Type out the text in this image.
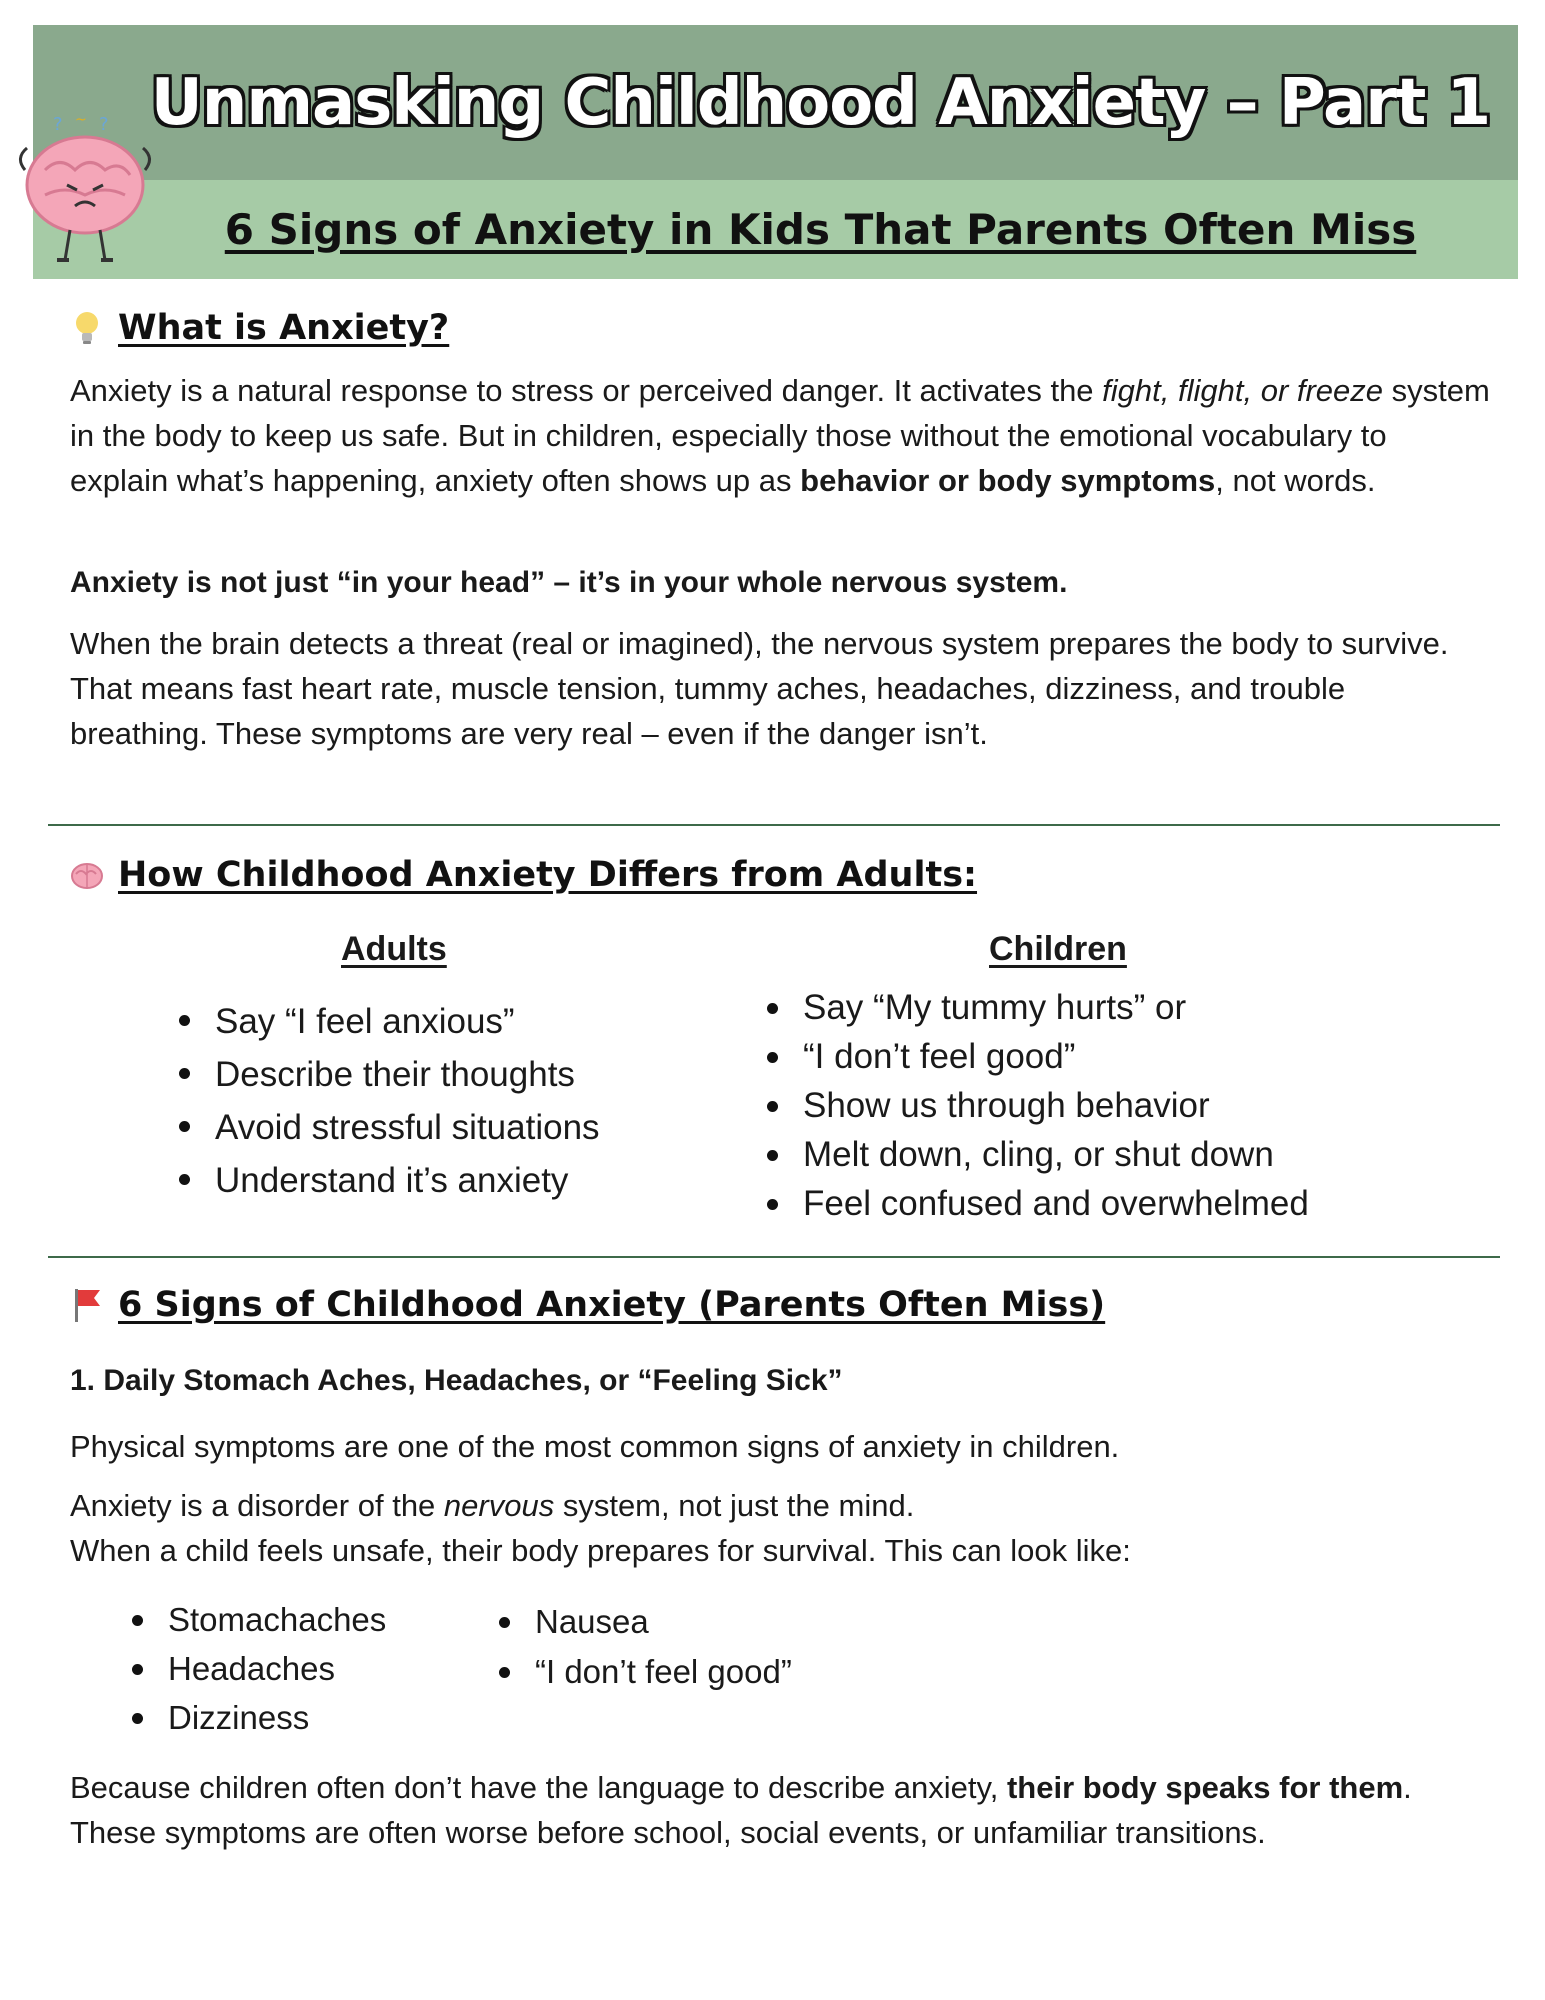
Unmasking Childhood Anxiety – Part 1
6 Signs of Anxiety in Kids That Parents Often Miss
? ~ ?
What is Anxiety?

Anxiety is a natural response to stress or perceived danger. It activates the fight, flight, or freeze system in the body to keep us safe. But in children, especially those without the emotional vocabulary to explain what’s happening, anxiety often shows up as behavior or body symptoms, not words.

Anxiety is not just “in your head” – it’s in your whole nervous system.

When the brain detects a threat (real or imagined), the nervous system prepares the body to survive. That means fast heart rate, muscle tension, tummy aches, headaches, dizziness, and trouble breathing. These symptoms are very real – even if the danger isn’t.

How Childhood Anxiety Differs from Adults:
Adults	Children
Say “I feel anxious”
Describe their thoughts
Avoid stressful situations
Understand it’s anxiety
Say “My tummy hurts” or
“I don’t feel good”
Show us through behavior
Melt down, cling, or shut down
Feel confused and overwhelmed
6 Signs of Childhood Anxiety (Parents Often Miss)
1. Daily Stomach Aches, Headaches, or “Feeling Sick”

Physical symptoms are one of the most common signs of anxiety in children.

Anxiety is a disorder of the nervous system, not just the mind.

When a child feels unsafe, their body prepares for survival. This can look like:

Stomachaches
Headaches
Dizziness
Nausea
“I don’t feel good”

Because children often don’t have the language to describe anxiety, their body speaks for them. These symptoms are often worse before school, social events, or unfamiliar transitions.
